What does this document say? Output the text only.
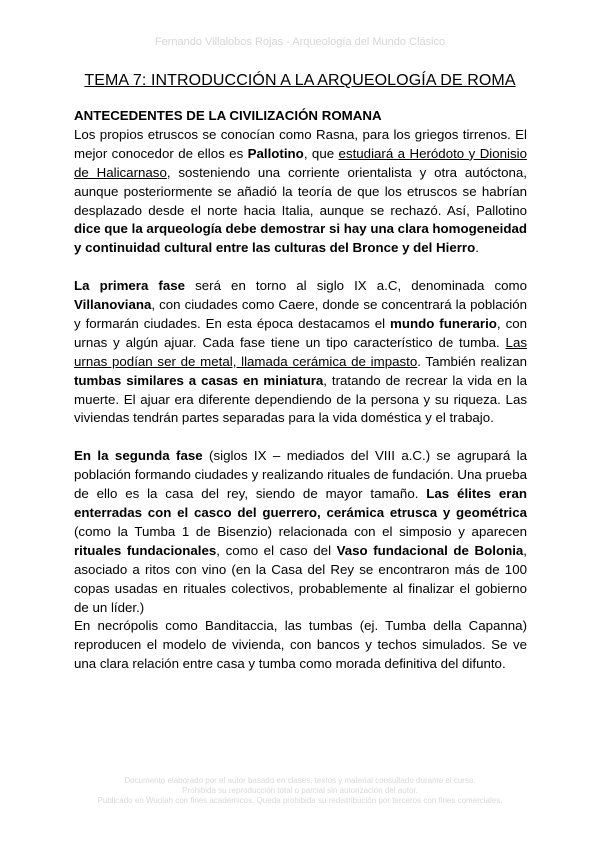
Fernando Villalobos Rojas - Arqueología del Mundo Clásico
TEMA 7: INTRODUCCIÓN A LA ARQUEOLOGÍA DE ROMA

ANTECEDENTES DE LA CIVILIZACIÓN ROMANA

Los propios etruscos se conocían como Rasna, para los griegos tirrenos. El mejor conocedor de ellos es Pallotino, que estudiará a Heródoto y Dionisio de Halicarnaso, sosteniendo una corriente orientalista y otra autóctona, aunque posteriormente se añadió la teoría de que los etruscos se habrían desplazado desde el norte hacia Italia, aunque se rechazó. Así, Pallotino dice que la arqueología debe demostrar si hay una clara homogeneidad y continuidad cultural entre las culturas del Bronce y del Hierro.

La primera fase será en torno al siglo IX a.C, denominada como Villanoviana, con ciudades como Caere, donde se concentrará la población y formarán ciudades. En esta época destacamos el mundo funerario, con urnas y algún ajuar. Cada fase tiene un tipo característico de tumba. Las urnas podían ser de metal, llamada cerámica de impasto. También realizan tumbas similares a casas en miniatura, tratando de recrear la vida en la muerte. El ajuar era diferente dependiendo de la persona y su riqueza. Las viviendas tendrán partes separadas para la vida doméstica y el trabajo.

En la segunda fase (siglos IX – mediados del VIII a.C.) se agrupará la población formando ciudades y realizando rituales de fundación. Una prueba de ello es la casa del rey, siendo de mayor tamaño. Las élites eran enterradas con el casco del guerrero, cerámica etrusca y geométrica (como la Tumba 1 de Bisenzio) relacionada con el simposio y aparecen rituales fundacionales, como el caso del Vaso fundacional de Bolonia, asociado a ritos con vino (en la Casa del Rey se encontraron más de 100 copas usadas en rituales colectivos, probablemente al finalizar el gobierno de un líder.)

En necrópolis como Banditaccia, las tumbas (ej. Tumba della Capanna) reproducen el modelo de vivienda, con bancos y techos simulados. Se ve una clara relación entre casa y tumba como morada definitiva del difunto.

Documento elaborado por el autor basado en clases, textos y material consultado durante el curso.
Prohibida su reproducción total o parcial sin autorización del autor.
Publicado en Wuolah con fines académicos. Queda prohibida su redistribución por terceros con fines comerciales.
